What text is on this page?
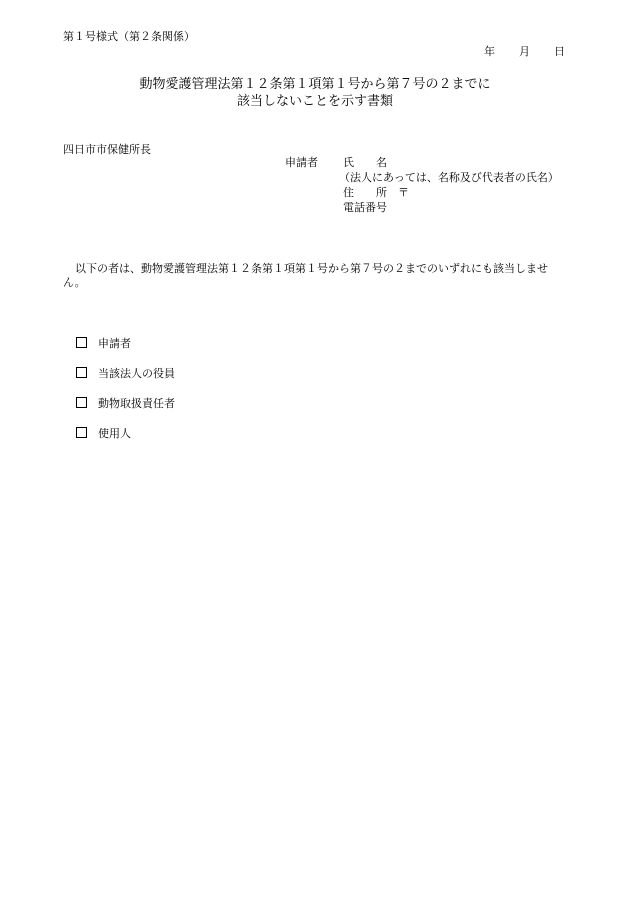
第１号様式（第２条関係）
年 月 日
動物愛護管理法第１２条第１項第１号から第７号の２までに
該当しないことを示す書類
四日市市保健所長
申請者 氏　　名
（法人にあっては、名称及び代表者の氏名）
住　　所　〒
電話番号
以下の者は、動物愛護管理法第１２条第１項第１号から第７号の２までのいずれにも該当しません。
申請者
当該法人の役員
動物取扱責任者
使用人
